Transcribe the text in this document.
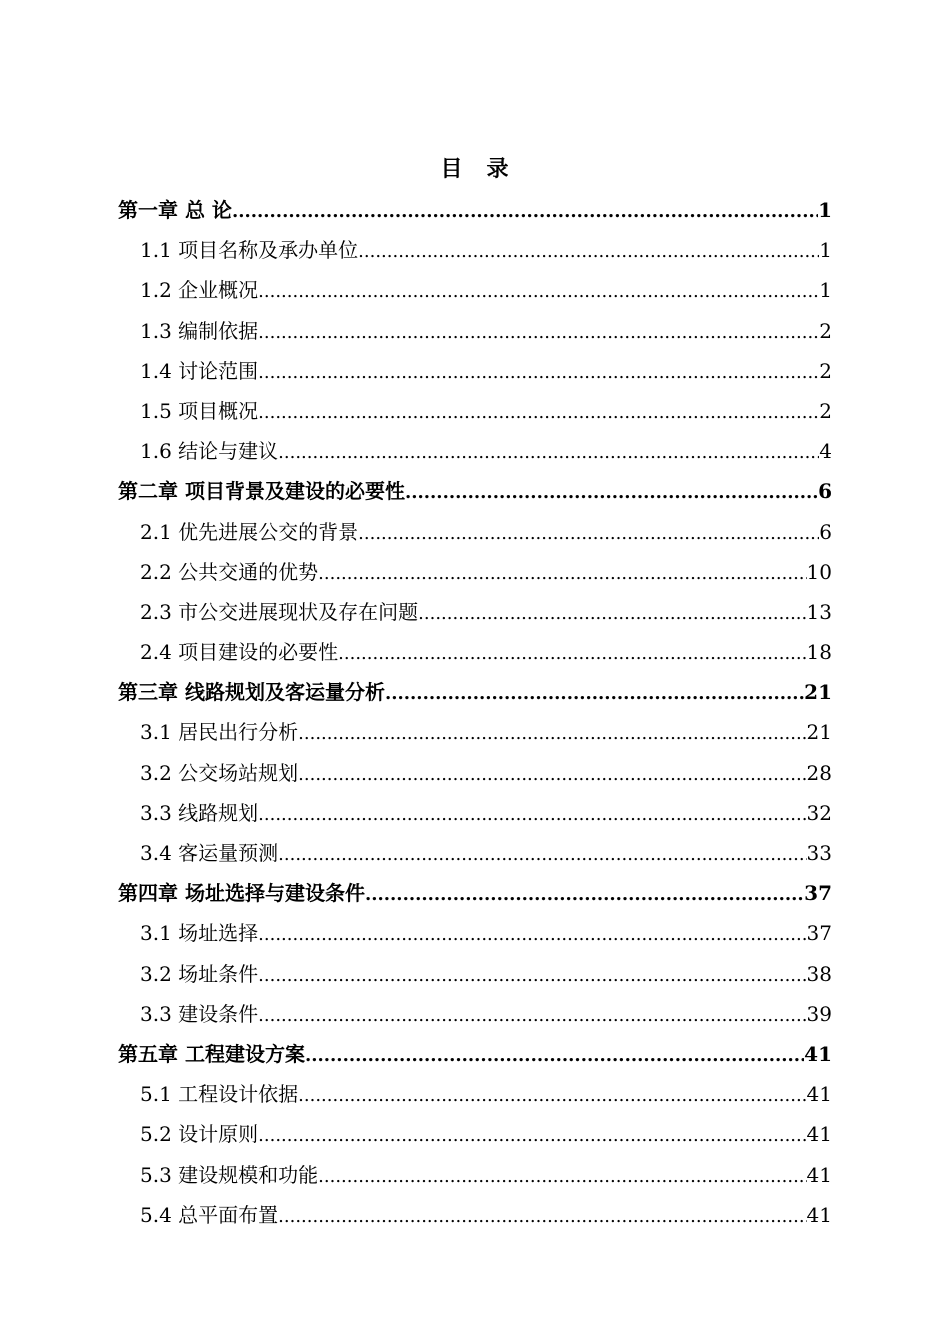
目　录
第一章 总 论 .....	1
1.1 项目名称及承办单位 .....	1
1.2 企业概况 .....	1
1.3 编制依据 .....	2
1.4 讨论范围 .....	2
1.5 项目概况 .....	2
1.6 结论与建议 .....	4
第二章 项目背景及建设的必要性 .....	6
2.1 优先进展公交的背景 .....	6
2.2 公共交通的优势 .....	10
2.3 市公交进展现状及存在问题 .....	13
2.4 项目建设的必要性 .....	18
第三章 线路规划及客运量分析 .....	21
3.1 居民出行分析 .....	21
3.2 公交场站规划 .....	28
3.3 线路规划 .....	32
3.4 客运量预测 .....	33
第四章 场址选择与建设条件 .....	37
3.1 场址选择 .....	37
3.2 场址条件 .....	38
3.3 建设条件 .....	39
第五章 工程建设方案 .....	41
5.1 工程设计依据 .....	41
5.2 设计原则 .....	41
5.3 建设规模和功能 .....	41
5.4 总平面布置 .....	41
